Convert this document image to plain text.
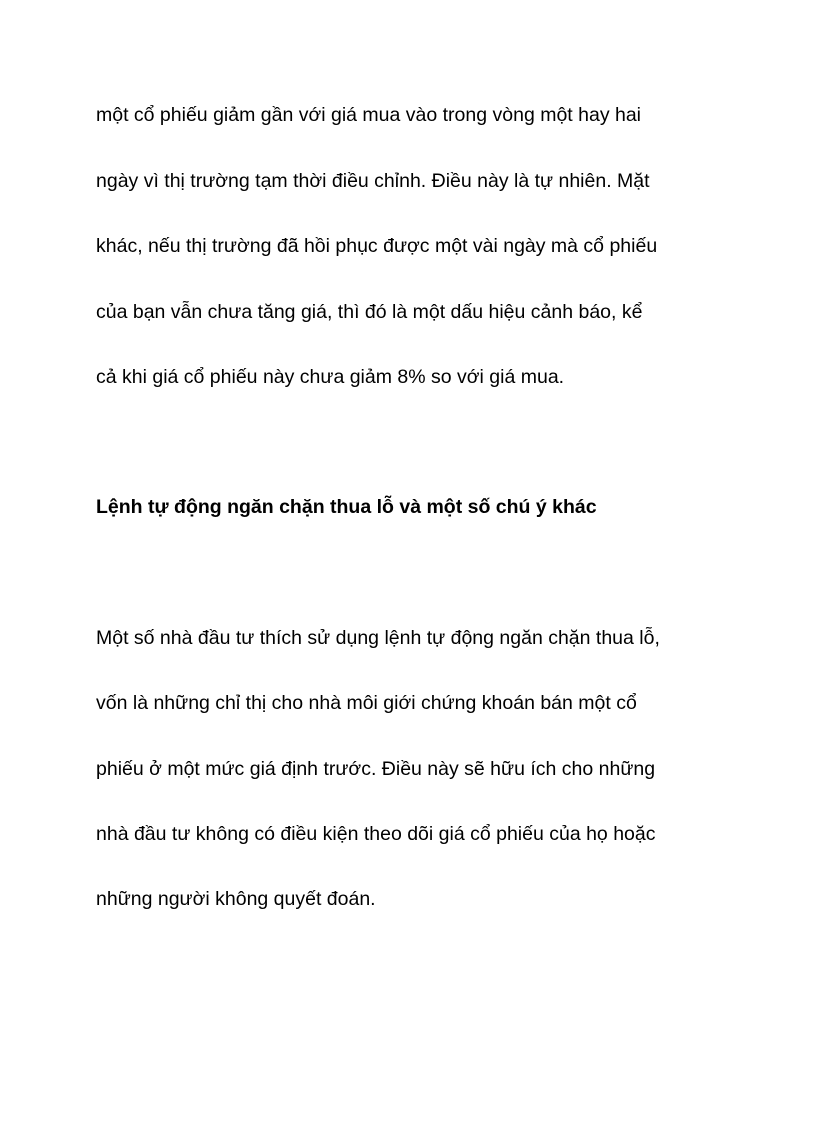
một cổ phiếu giảm gần với giá mua vào trong vòng một hay hai
ngày vì thị trường tạm thời điều chỉnh. Điều này là tự nhiên. Mặt
khác, nếu thị trường đã hồi phục được một vài ngày mà cổ phiếu
của bạn vẫn chưa tăng giá, thì đó là một dấu hiệu cảnh báo, kể
cả khi giá cổ phiếu này chưa giảm 8% so với giá mua.
Lệnh tự động ngăn chặn thua lỗ và một số chú ý khác
Một số nhà đầu tư thích sử dụng lệnh tự động ngăn chặn thua lỗ,
vốn là những chỉ thị cho nhà môi giới chứng khoán bán một cổ
phiếu ở một mức giá định trước. Điều này sẽ hữu ích cho những
nhà đầu tư không có điều kiện theo dõi giá cổ phiếu của họ hoặc
những người không quyết đoán.
